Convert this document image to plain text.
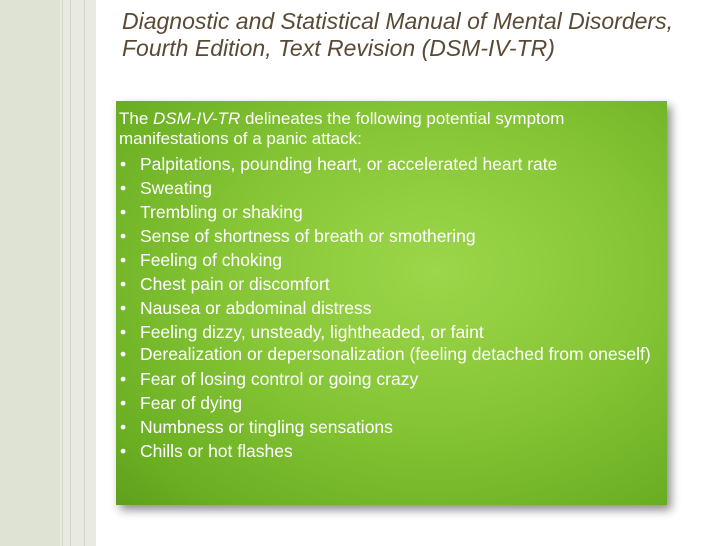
Diagnostic and Statistical Manual of Mental Disorders, Fourth Edition, Text Revision (DSM-IV-TR)

The DSM-IV-TR delineates the following potential symptom manifestations of a panic attack:

• Palpitations, pounding heart, or accelerated heart rate
• Sweating
• Trembling or shaking
• Sense of shortness of breath or smothering
• Feeling of choking
• Chest pain or discomfort
• Nausea or abdominal distress
• Feeling dizzy, unsteady, lightheaded, or faint
• Derealization or depersonalization (feeling detached from oneself)
• Fear of losing control or going crazy
• Fear of dying
• Numbness or tingling sensations
• Chills or hot flashes
